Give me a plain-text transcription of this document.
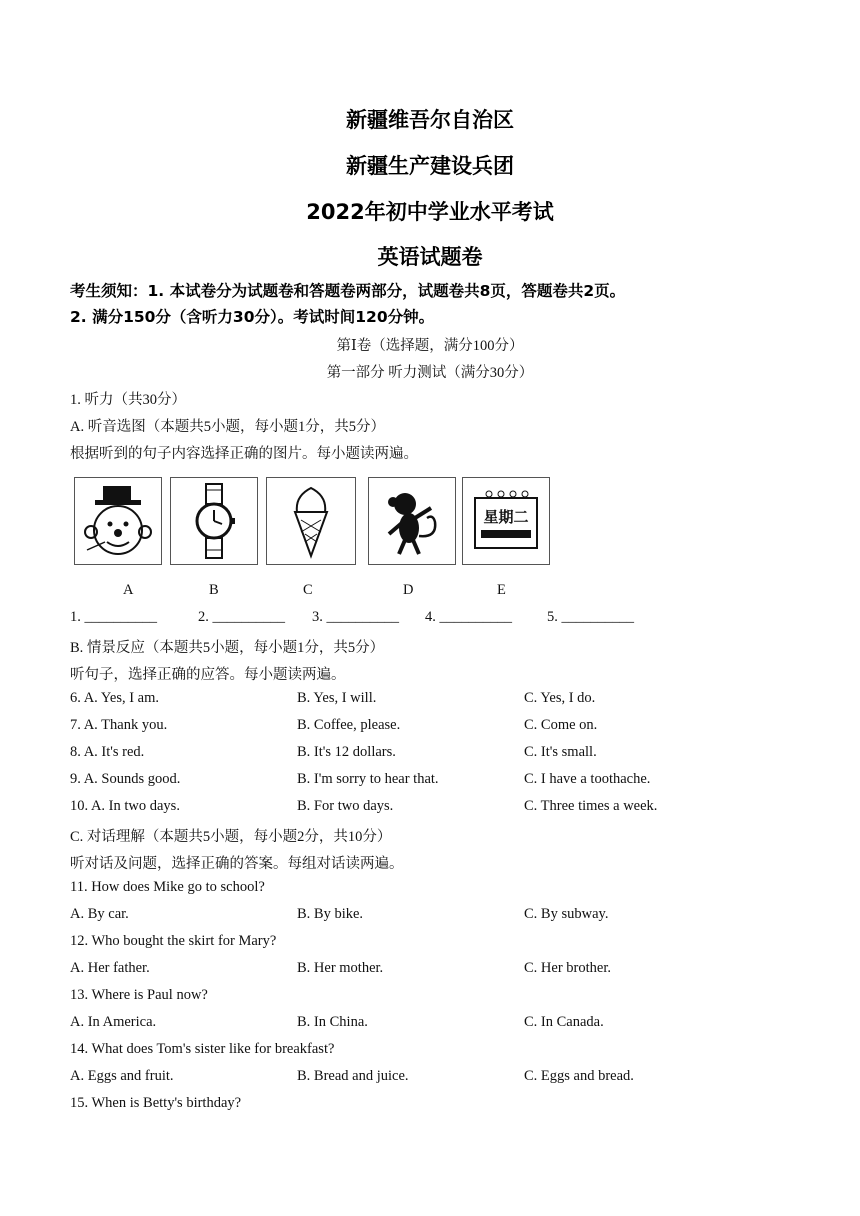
新疆维吾尔自治区
新疆生产建设兵团
2022年初中学业水平考试
英语试题卷
考生须知：1. 本试卷分为试题卷和答题卷两部分，试题卷共8页，答题卷共2页。
2. 满分150分（含听力30分）。考试时间120分钟。
第Ⅰ卷（选择题，满分100分）
第一部分 听力测试（满分30分）
1. 听力（共30分）
A. 听音选图（本题共5小题，每小题1分，共5分）
根据听到的句子内容选择正确的图片。每小题读两遍。
星期二
A	B	C	D	E
1. __________	2. __________ 3. __________ 4. __________ 5. __________
B. 情景反应（本题共5小题，每小题1分，共5分）
听句子，选择正确的应答。每小题读两遍。
6. A. Yes, I am.	B. Yes, I will.	C. Yes, I do.
7. A. Thank you.	B. Coffee, please.	C. Come on.
8. A. It's red.	B. It's 12 dollars.	C. It's small.
9. A. Sounds good.	B. I'm sorry to hear that.	C. I have a toothache.
10. A. In two days.	B. For two days.	C. Three times a week.
C. 对话理解（本题共5小题，每小题2分，共10分）
听对话及问题，选择正确的答案。每组对话读两遍。
11. How does Mike go to school?
A. By car.	B. By bike.	C. By subway.
12. Who bought the skirt for Mary?
A. Her father.	B. Her mother.	C. Her brother.
13. Where is Paul now?
A. In America.	B. In China.	C. In Canada.
14. What does Tom's sister like for breakfast?
A. Eggs and fruit.	B. Bread and juice.	C. Eggs and bread.
15. When is Betty's birthday?
